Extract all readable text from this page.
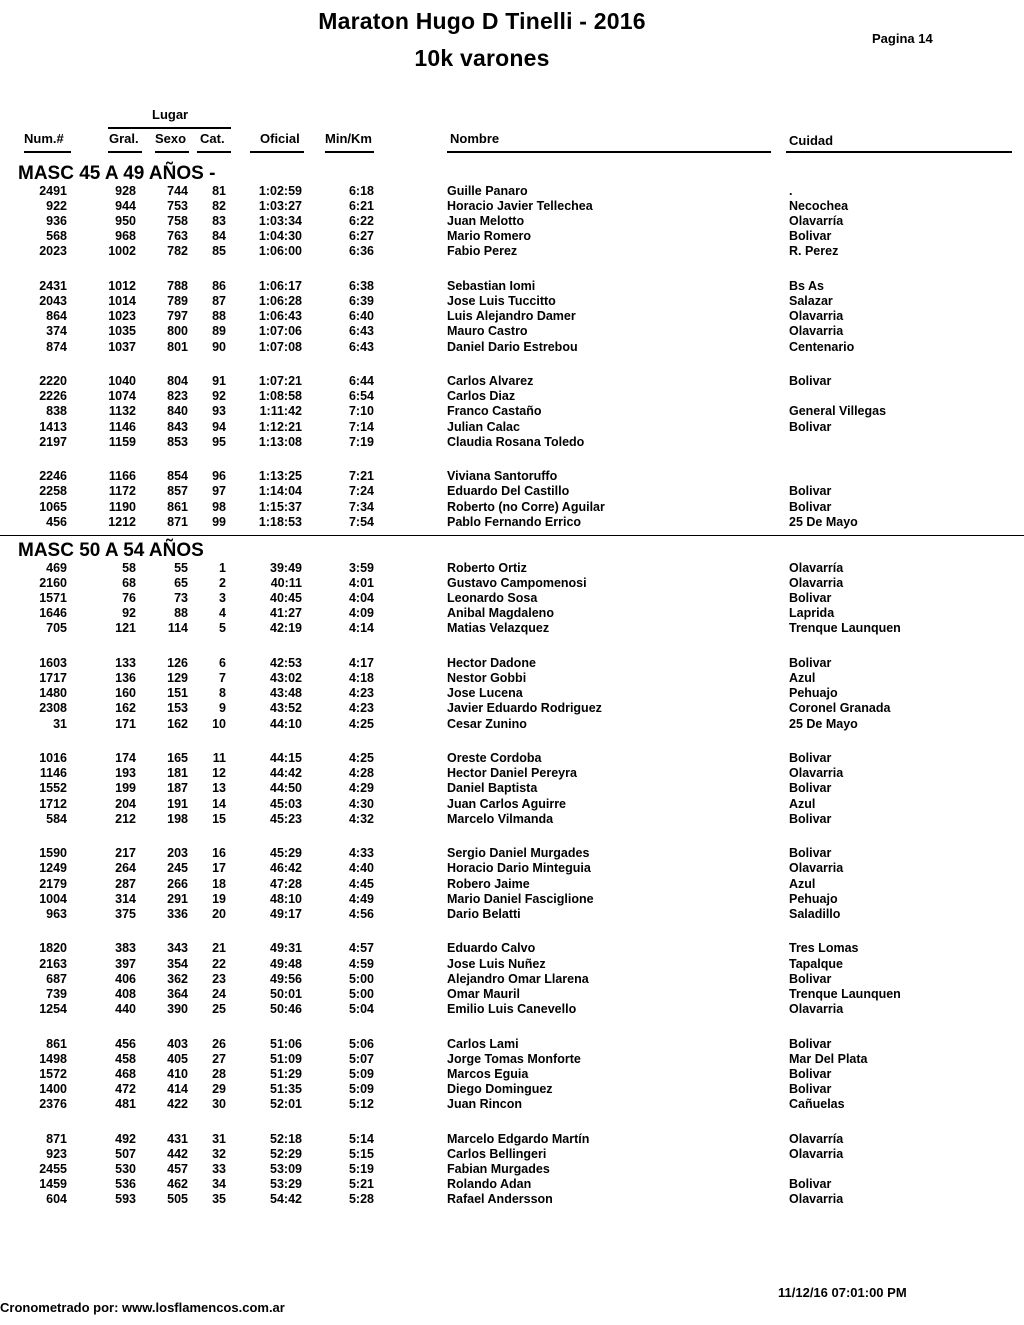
Maraton Hugo D Tinelli - 2016
10k varones
Pagina 14
Lugar
Num.#	Gral. Sexo Cat.	Oficial Min/Km	Nombre	Cuidad
MASC 45 A 49 AÑOS -
2491	928 744 81	1:02:59	6:18	Guille Panaro	.
922	944 753 82	1:03:27	6:21	Horacio Javier Tellechea	Necochea
936	950 758 83	1:03:34	6:22	Juan Melotto	Olavarría
568	968 763 84	1:04:30	6:27	Mario Romero	Bolivar
2023	1002 782 85	1:06:00	6:36	Fabio Perez	R. Perez
2431	1012 788 86	1:06:17	6:38	Sebastian Iomi	Bs As
2043	1014 789 87	1:06:28	6:39	Jose Luis Tuccitto	Salazar
864	1023 797 88	1:06:43	6:40	Luis Alejandro Damer	Olavarria
374	1035 800 89	1:07:06	6:43	Mauro Castro	Olavarria
874	1037 801 90	1:07:08	6:43	Daniel Dario Estrebou	Centenario
2220	1040 804 91	1:07:21	6:44	Carlos Alvarez	Bolivar
2226	1074 823 92	1:08:58	6:54	Carlos Diaz
838	1132 840 93	1:11:42	7:10	Franco Castaño	General Villegas
1413	1146 843 94	1:12:21	7:14	Julian Calac	Bolivar
2197	1159 853 95	1:13:08	7:19	Claudia Rosana Toledo
2246	1166 854 96	1:13:25	7:21	Viviana Santoruffo
2258	1172 857 97	1:14:04	7:24	Eduardo Del Castillo	Bolivar
1065	1190 861 98	1:15:37	7:34	Roberto (no Corre) Aguilar	Bolivar
456	1212 871 99	1:18:53	7:54	Pablo Fernando Errico	25 De Mayo
MASC 50 A 54 AÑOS
469	58	55 1	39:49	3:59	Roberto Ortiz	Olavarría
2160	68	65 2	40:11	4:01	Gustavo Campomenosi	Olavarria
1571	76	73 3	40:45	4:04	Leonardo Sosa	Bolivar
1646	92	88 4	41:27	4:09	Anibal Magdaleno	Laprida
705	121	114 5	42:19	4:14	Matias Velazquez	Trenque Launquen
1603	133 126 6	42:53	4:17	Hector Dadone	Bolivar
1717	136 129 7	43:02	4:18	Nestor Gobbi	Azul
1480	160 151 8	43:48	4:23	Jose Lucena	Pehuajo
2308	162 153 9	43:52	4:23	Javier Eduardo Rodriguez	Coronel Granada
31	171 162 10	44:10	4:25	Cesar Zunino	25 De Mayo
1016	174 165 11	44:15	4:25	Oreste Cordoba	Bolivar
1146	193 181 12	44:42	4:28	Hector Daniel Pereyra	Olavarria
1552	199 187 13	44:50	4:29	Daniel Baptista	Bolivar
1712	204 191 14	45:03	4:30	Juan Carlos Aguirre	Azul
584	212 198 15	45:23	4:32	Marcelo Vilmanda	Bolivar
1590	217 203 16	45:29	4:33	Sergio Daniel Murgades	Bolivar
1249	264 245 17	46:42	4:40	Horacio Dario Minteguia	Olavarria
2179	287 266 18	47:28	4:45	Robero Jaime	Azul
1004	314 291 19	48:10	4:49	Mario Daniel Fasciglione	Pehuajo
963	375 336 20	49:17	4:56	Dario Belatti	Saladillo
1820	383 343 21	49:31	4:57	Eduardo Calvo	Tres Lomas
2163	397 354 22	49:48	4:59	Jose Luis Nuñez	Tapalque
687	406 362 23	49:56	5:00	Alejandro Omar Llarena	Bolivar
739	408 364 24	50:01	5:00	Omar Mauril	Trenque Launquen
1254	440 390 25	50:46	5:04	Emilio Luis Canevello	Olavarria
861	456 403 26	51:06	5:06	Carlos Lami	Bolivar
1498	458 405 27	51:09	5:07	Jorge Tomas Monforte	Mar Del Plata
1572	468 410 28	51:29	5:09	Marcos Eguia	Bolivar
1400	472 414 29	51:35	5:09	Diego Dominguez	Bolivar
2376	481 422 30	52:01	5:12	Juan Rincon	Cañuelas
871	492 431 31	52:18	5:14	Marcelo Edgardo Martín	Olavarría
923	507 442 32	52:29	5:15	Carlos Bellingeri	Olavarria
2455	530 457 33	53:09	5:19	Fabian Murgades
1459	536 462 34	53:29	5:21	Rolando Adan	Bolivar
604	593 505 35	54:42	5:28	Rafael Andersson	Olavarria
11/12/16 07:01:00 PM
Cronometrado por: www.losflamencos.com.ar
